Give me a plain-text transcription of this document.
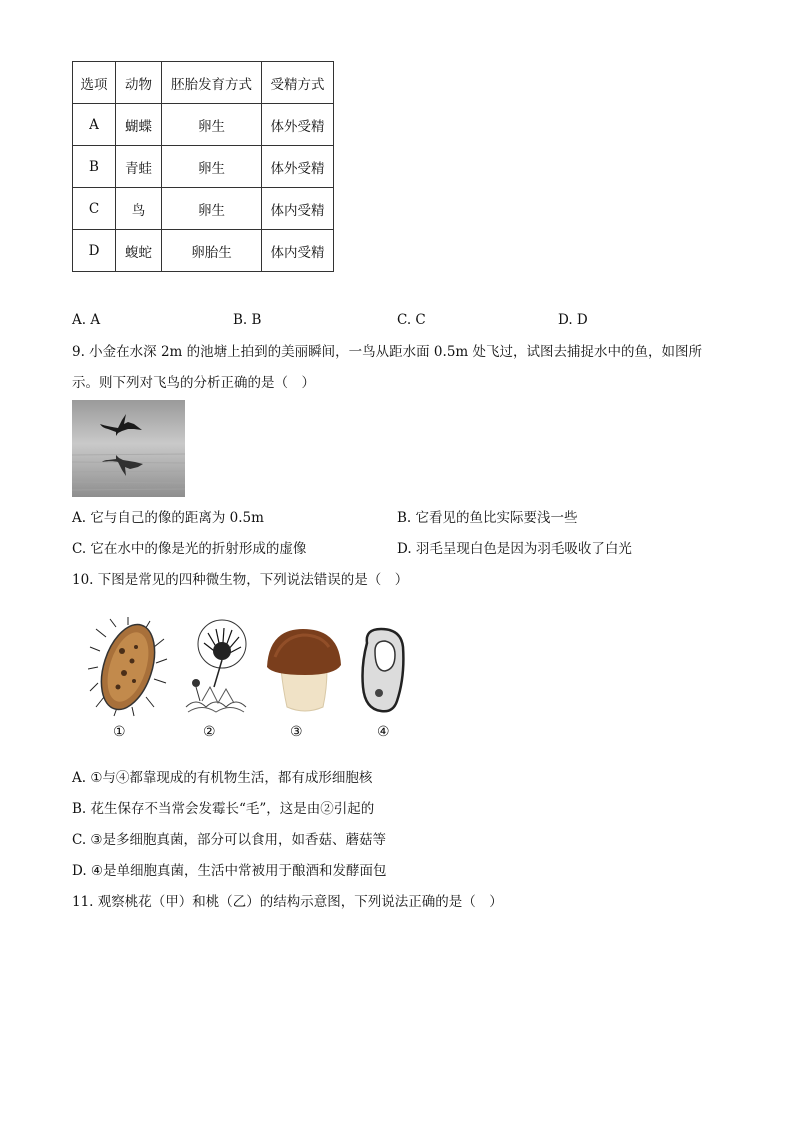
选项	动物	胚胎发育方式	受精方式
A	蝴蝶	卵生	体外受精
B	青蛙	卵生	体外受精
C	鸟	卵生	体内受精
D	蝮蛇	卵胎生	体内受精
A. A	B. B	C. C	D. D
9. 小金在水深 2m 的池塘上拍到的美丽瞬间，一鸟从距水面 0.5m 处飞过，试图去捕捉水中的鱼，如图所
示。则下列对飞鸟的分析正确的是（　）
A. 它与自己的像的距离为 0.5m	B. 它看见的鱼比实际要浅一些
C. 它在水中的像是光的折射形成的虚像	D. 羽毛呈现白色是因为羽毛吸收了白光
10. 下图是常见的四种微生物，下列说法错误的是（　）
①	②	③	④
A. ①与④都靠现成的有机物生活，都有成形细胞核
B. 花生保存不当常会发霉长“毛”，这是由②引起的
C. ③是多细胞真菌，部分可以食用，如香菇、蘑菇等
D. ④是单细胞真菌，生活中常被用于酿酒和发酵面包
11. 观察桃花（甲）和桃（乙）的结构示意图，下列说法正确的是（　）
